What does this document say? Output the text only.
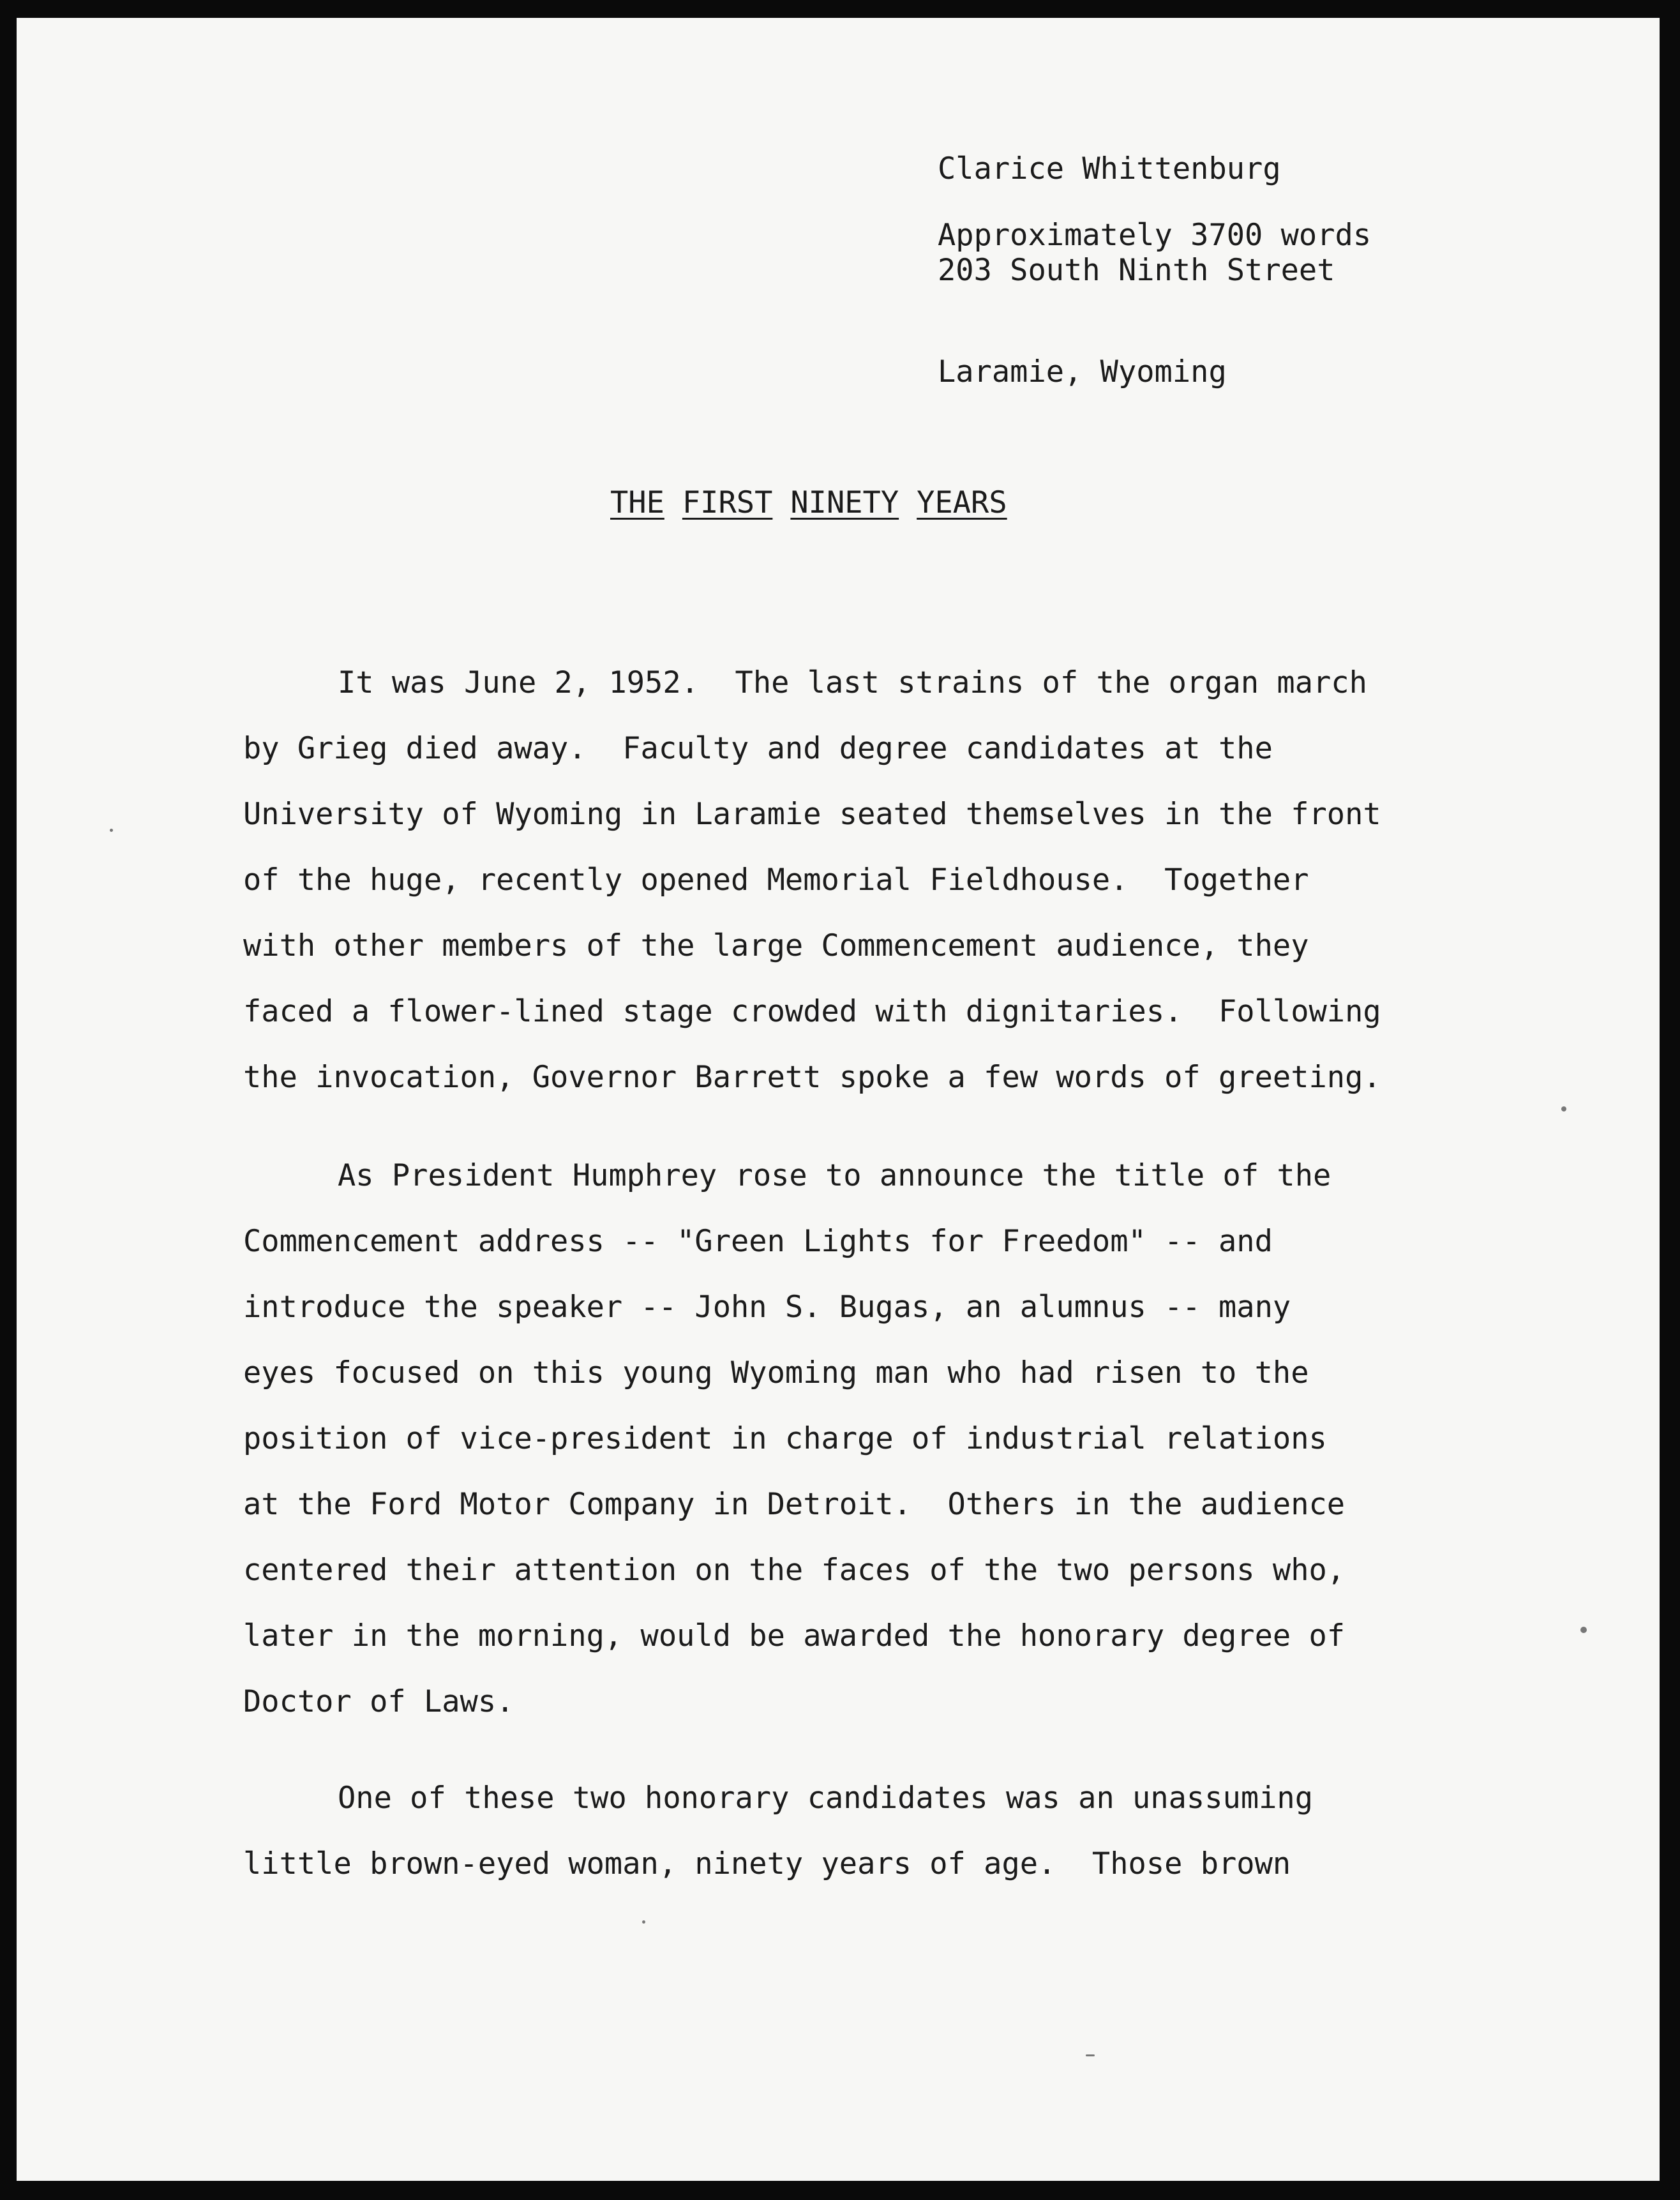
Clarice Whittenburg

203 South Ninth Street

Laramie, Wyoming

Approximately 3700 words
THE FIRST NINETY YEARS
It was June 2, 1952.  The last strains of the organ march
by Grieg died away.  Faculty and degree candidates at the
University of Wyoming in Laramie seated themselves in the front
of the huge, recently opened Memorial Fieldhouse.  Together
with other members of the large Commencement audience, they
faced a flower-lined stage crowded with dignitaries.  Following
the invocation, Governor Barrett spoke a few words of greeting.
As President Humphrey rose to announce the title of the
Commencement address -- "Green Lights for Freedom" -- and
introduce the speaker -- John S. Bugas, an alumnus -- many
eyes focused on this young Wyoming man who had risen to the
position of vice-president in charge of industrial relations
at the Ford Motor Company in Detroit.  Others in the audience
centered their attention on the faces of the two persons who,
later in the morning, would be awarded the honorary degree of
Doctor of Laws.
One of these two honorary candidates was an unassuming
little brown-eyed woman, ninety years of age.  Those brown
